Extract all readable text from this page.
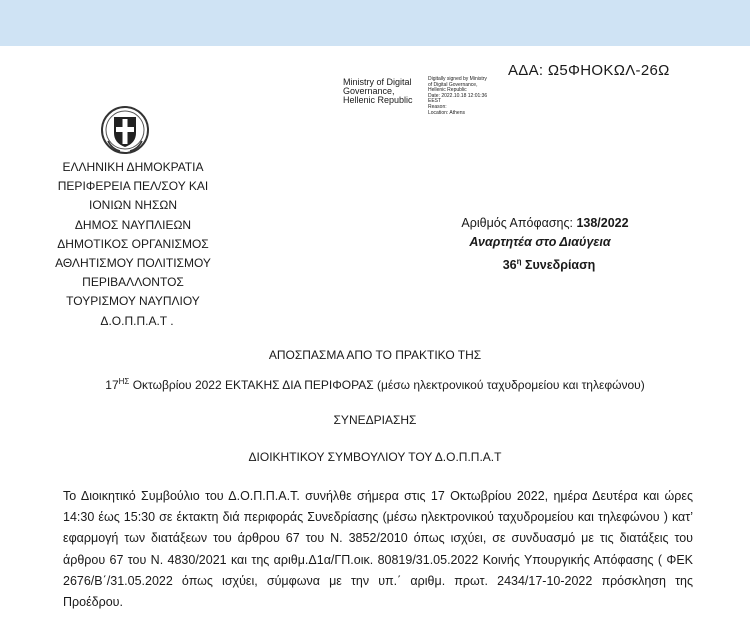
ΑΔΑ: Ω5ΦΗΟΚΩΛ-26Ω
Ministry of Digital
Governance,
Hellenic Republic
Digitally signed by Ministry
of Digital Governance,
Hellenic Republic
Date: 2022.10.18 12:01:36
EEST
Reason:
Location: Athens
ΕΛΛΗΝΙΚΗ ΔΗΜΟΚΡΑΤΙΑ
ΠΕΡΙΦΕΡΕΙΑ ΠΕΛ/ΣΟΥ ΚΑΙ
ΙΟΝΙΩΝ ΝΗΣΩΝ
ΔΗΜΟΣ ΝΑΥΠΛΙΕΩΝ
ΔΗΜΟΤΙΚΟΣ ΟΡΓΑΝΙΣΜΟΣ
ΑΘΛΗΤΙΣΜΟΥ ΠΟΛΙΤΙΣΜΟΥ
ΠΕΡΙΒΑΛΛΟΝΤΟΣ
ΤΟΥΡΙΣΜΟΥ ΝΑΥΠΛΙΟΥ
Δ.Ο.Π.Π.Α.Τ .
Αριθμός Απόφασης: 138/2022
Αναρτητέα στο Διαύγεια
$36^\eta$ Συνεδρίαση
ΑΠΟΣΠΑΣΜΑ ΑΠΟ ΤΟ ΠΡΑΚΤΙΚΟ ΤΗΣ
$17^{H\Sigma}$ Οκτωβρίου 2022 ΕΚΤΑΚΗΣ ΔΙΑ ΠΕΡΙΦΟΡΑΣ (μέσω ηλεκτρονικού ταχυδρομείου και τηλεφώνου)
ΣΥΝΕΔΡΙΑΣΗΣ
ΔΙΟΙΚΗΤΙΚΟΥ ΣΥΜΒΟΥΛΙΟΥ ΤΟΥ Δ.Ο.Π.Π.Α.Τ
Το Διοικητικό Συμβούλιο του Δ.Ο.Π.Π.Α.Τ. συνήλθε σήμερα στις 17 Οκτωβρίου 2022, ημέρα Δευτέρα και ώρες 14:30 έως 15:30 σε έκτακτη διά περιφοράς Συνεδρίασης (μέσω ηλεκτρονικού ταχυδρομείου και τηλεφώνου ) κατ’ εφαρμογή των διατάξεων του άρθρου 67 του Ν. 3852/2010 όπως ισχύει, σε συνδυασμό με τις διατάξεις του άρθρου 67 του Ν. 4830/2021 και της αριθμ.Δ1α/ΓΠ.οικ. 80819/31.05.2022 Κοινής Υπουργικής Απόφασης ( ΦΕΚ 2676/Β΄/31.05.2022 όπως ισχύει, σύμφωνα με την υπ.΄ αριθμ. πρωτ. 2434/17-10-2022 πρόσκληση της Προέδρου.
